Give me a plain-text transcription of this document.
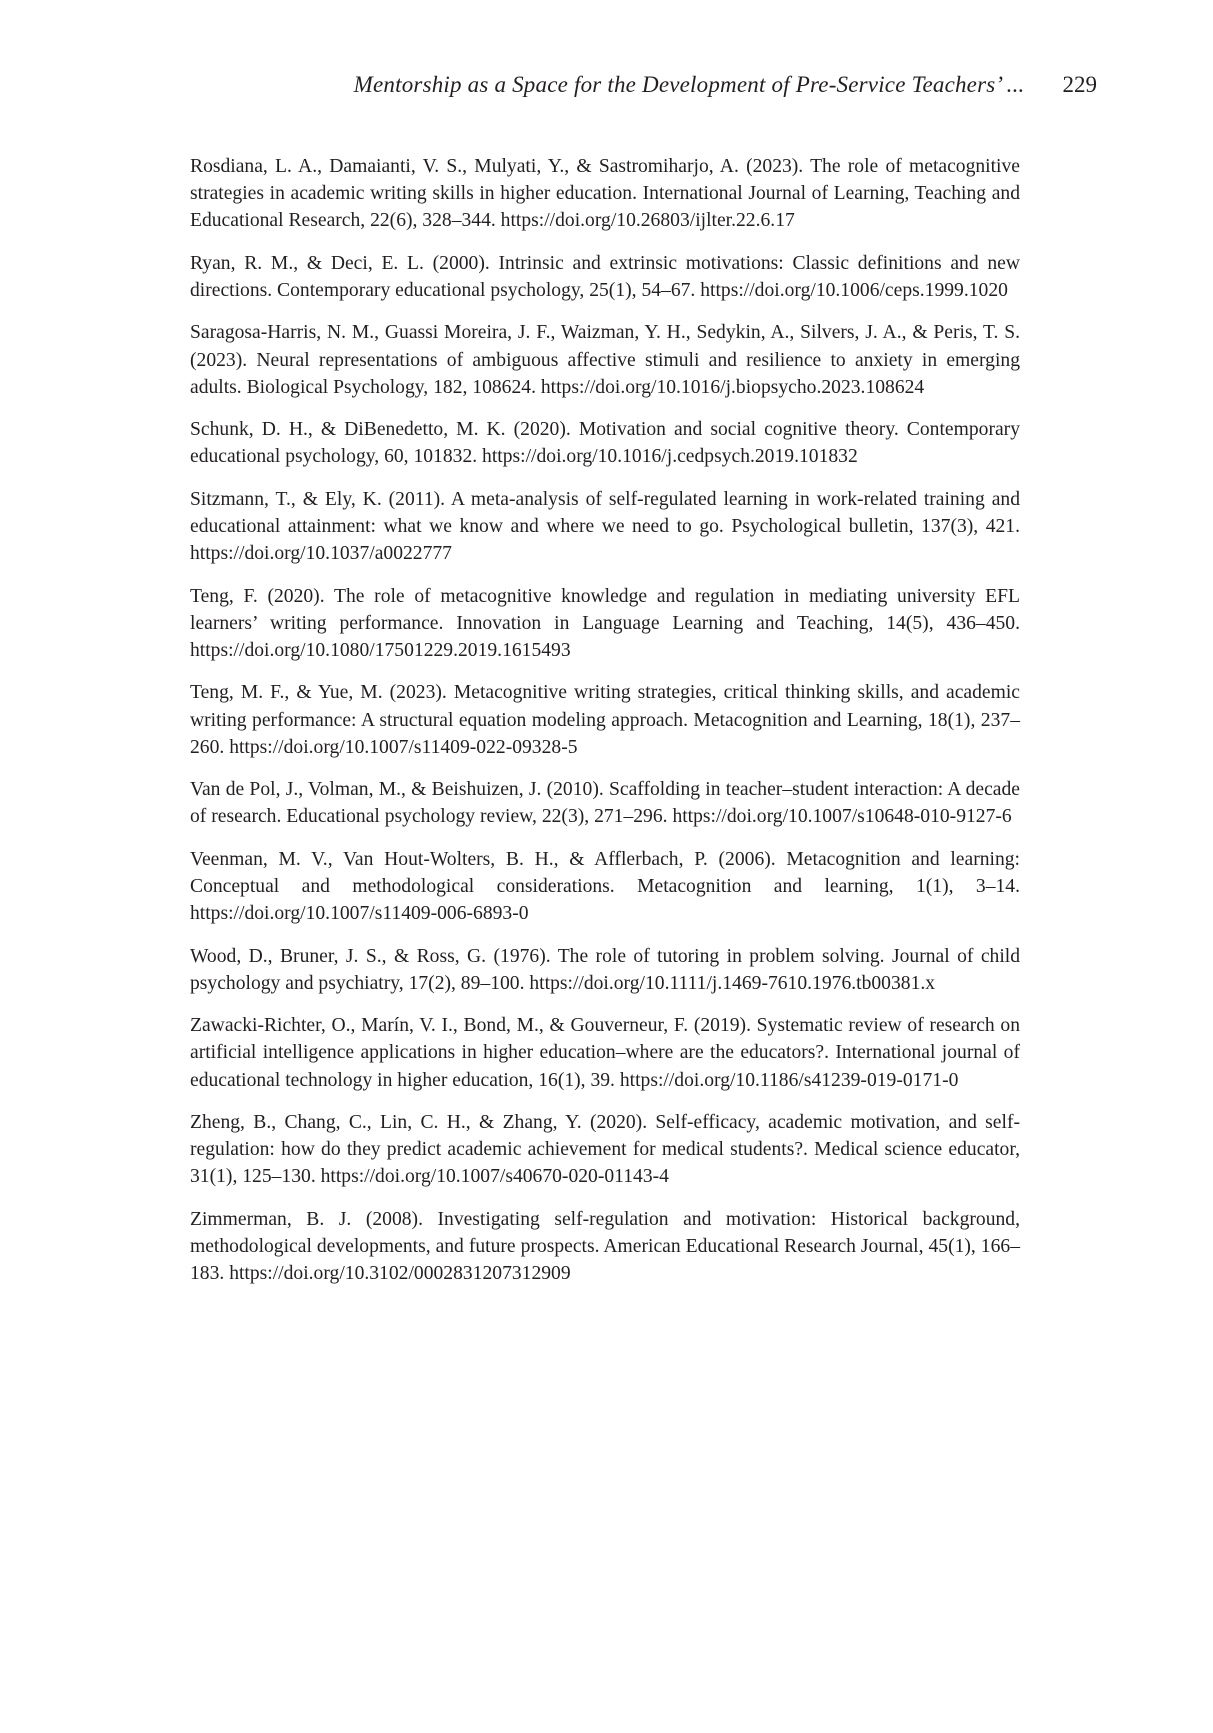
Mentorship as a Space for the Development of Pre-Service Teachers’ ... 229
Rosdiana, L. A., Damaianti, V. S., Mulyati, Y., & Sastromiharjo, A. (2023). The role of metacognitive strategies in academic writing skills in higher education. International Journal of Learning, Teaching and Educational Research, 22(6), 328–344. https://doi.org/10.26803/ijlter.22.6.17
Ryan, R. M., & Deci, E. L. (2000). Intrinsic and extrinsic motivations: Classic definitions and new directions. Contemporary educational psychology, 25(1), 54–67. https://doi.org/10.1006/ceps.1999.1020
Saragosa-Harris, N. M., Guassi Moreira, J. F., Waizman, Y. H., Sedykin, A., Silvers, J. A., & Peris, T. S. (2023). Neural representations of ambiguous affective stimuli and resilience to anxiety in emerging adults. Biological Psychology, 182, 108624. https://doi.org/10.1016/j.biopsycho.2023.108624
Schunk, D. H., & DiBenedetto, M. K. (2020). Motivation and social cognitive theory. Contemporary educational psychology, 60, 101832. https://doi.org/10.1016/j.cedpsych.2019.101832
Sitzmann, T., & Ely, K. (2011). A meta-analysis of self-regulated learning in work-related training and educational attainment: what we know and where we need to go. Psychological bulletin, 137(3), 421. https://doi.org/10.1037/a0022777
Teng, F. (2020). The role of metacognitive knowledge and regulation in mediating university EFL learners’ writing performance. Innovation in Language Learning and Teaching, 14(5), 436–450. https://doi.org/10.1080/17501229.2019.1615493
Teng, M. F., & Yue, M. (2023). Metacognitive writing strategies, critical thinking skills, and academic writing performance: A structural equation modeling approach. Metacognition and Learning, 18(1), 237–260. https://doi.org/10.1007/s11409-022-09328-5
Van de Pol, J., Volman, M., & Beishuizen, J. (2010). Scaffolding in teacher–student interaction: A decade of research. Educational psychology review, 22(3), 271–296. https://doi.org/10.1007/s10648-010-9127-6
Veenman, M. V., Van Hout-Wolters, B. H., & Afflerbach, P. (2006). Metacognition and learning: Conceptual and methodological considerations. Metacognition and learning, 1(1), 3–14. https://doi.org/10.1007/s11409-006-6893-0
Wood, D., Bruner, J. S., & Ross, G. (1976). The role of tutoring in problem solving. Journal of child psychology and psychiatry, 17(2), 89–100. https://doi.org/10.1111/j.1469-7610.1976.tb00381.x
Zawacki-Richter, O., Marín, V. I., Bond, M., & Gouverneur, F. (2019). Systematic review of research on artificial intelligence applications in higher education–where are the educators?. International journal of educational technology in higher education, 16(1), 39. https://doi.org/10.1186/s41239-019-0171-0
Zheng, B., Chang, C., Lin, C. H., & Zhang, Y. (2020). Self-efficacy, academic motivation, and self-regulation: how do they predict academic achievement for medical students?. Medical science educator, 31(1), 125–130. https://doi.org/10.1007/s40670-020-01143-4
Zimmerman, B. J. (2008). Investigating self-regulation and motivation: Historical background, methodological developments, and future prospects. American Educational Research Journal, 45(1), 166–183. https://doi.org/10.3102/0002831207312909
